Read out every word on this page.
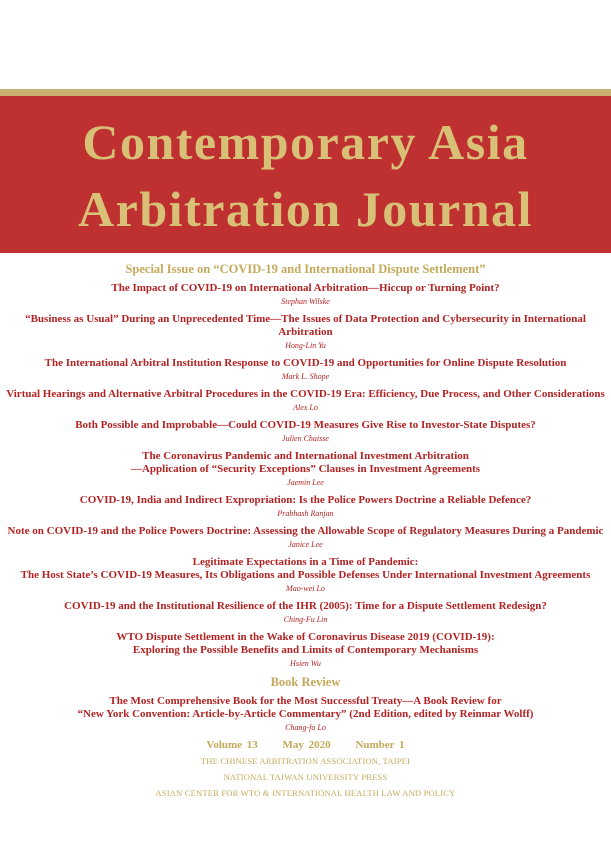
Contemporary Asia
Arbitration Journal
Special Issue on “COVID-19 and International Dispute Settlement”
The Impact of COVID-19 on International Arbitration—Hiccup or Turning Point?
Stephan Wilske
“Business as Usual” During an Unprecedented Time—The Issues of Data Protection and Cybersecurity in International Arbitration
Hong-Lin Yu
The International Arbitral Institution Response to COVID-19 and Opportunities for Online Dispute Resolution
Mark L. Shope
Virtual Hearings and Alternative Arbitral Procedures in the COVID-19 Era: Efficiency, Due Process, and Other Considerations
Alex Lo
Both Possible and Improbable—Could COVID-19 Measures Give Rise to Investor-State Disputes?
Julien Chaisse
The Coronavirus Pandemic and International Investment Arbitration
—Application of “Security Exceptions” Clauses in Investment Agreements
Jaemin Lee
COVID-19, India and Indirect Expropriation: Is the Police Powers Doctrine a Reliable Defence?
Prabhash Ranjan
Note on COVID-19 and the Police Powers Doctrine: Assessing the Allowable Scope of Regulatory Measures During a Pandemic
Janice Lee
Legitimate Expectations in a Time of Pandemic:
The Host State’s COVID-19 Measures, Its Obligations and Possible Defenses Under International Investment Agreements
Mao-wei Lo
COVID-19 and the Institutional Resilience of the IHR (2005): Time for a Dispute Settlement Redesign?
Ching-Fu Lin
WTO Dispute Settlement in the Wake of Coronavirus Disease 2019 (COVID-19):
Exploring the Possible Benefits and Limits of Contemporary Mechanisms
Hsien Wu
Book Review
The Most Comprehensive Book for the Most Successful Treaty—A Book Review for
“New York Convention: Article-by-Article Commentary” (2nd Edition, edited by Reinmar Wolff)
Chang-fa Lo
Volume 13 May 2020 Number 1
THE CHINESE ARBITRATION ASSOCIATION, TAIPEI
NATIONAL TAIWAN UNIVERSITY PRESS
ASIAN CENTER FOR WTO & INTERNATIONAL HEALTH LAW AND POLICY
